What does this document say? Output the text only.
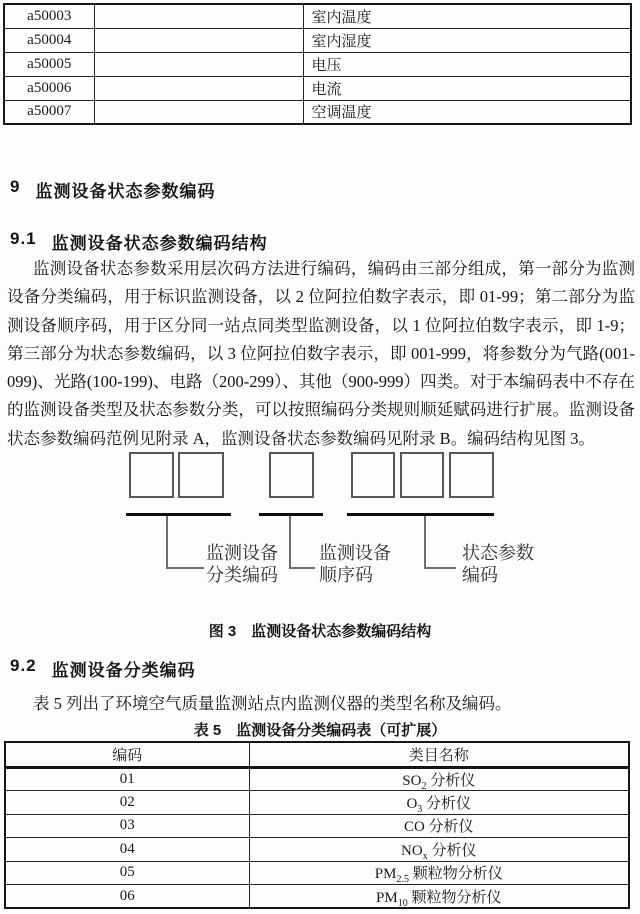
a50003		室内温度
a50004		室内湿度
a50005		电压
a50006		电流
a50007		空调温度
9 监测设备状态参数编码
9.1 监测设备状态参数编码结构
监测设备状态参数采用层次码方法进行编码，编码由三部分组成，第一部分为监测设备分类编码，用于标识监测设备，以 2 位阿拉伯数字表示，即 01-99；第二部分为监测设备顺序码，用于区分同一站点同类型监测设备，以 1 位阿拉伯数字表示，即 1-9；第三部分为状态参数编码，以 3 位阿拉伯数字表示，即 001-999，将参数分为气路(001-099)、光路(100-199)、电路（200-299）、其他（900-999）四类。对于本编码表中不存在的监测设备类型及状态参数分类，可以按照编码分类规则顺延赋码进行扩展。监测设备状态参数编码范例见附录 A，监测设备状态参数编码见附录 B。编码结构见图 3。
监测设备
分类编码
监测设备
顺序码
状态参数
编码
图 3　监测设备状态参数编码结构
9.2 监测设备分类编码
表 5 列出了环境空气质量监测站点内监测仪器的类型名称及编码。
表 5　监测设备分类编码表（可扩展）
编码	类目名称
01	$SO_2$ 分析仪
02	$O_3$ 分析仪
03	CO 分析仪
04	$NO_x$ 分析仪
05	$PM_{2.5}$ 颗粒物分析仪
06	$PM_{10}$ 颗粒物分析仪
